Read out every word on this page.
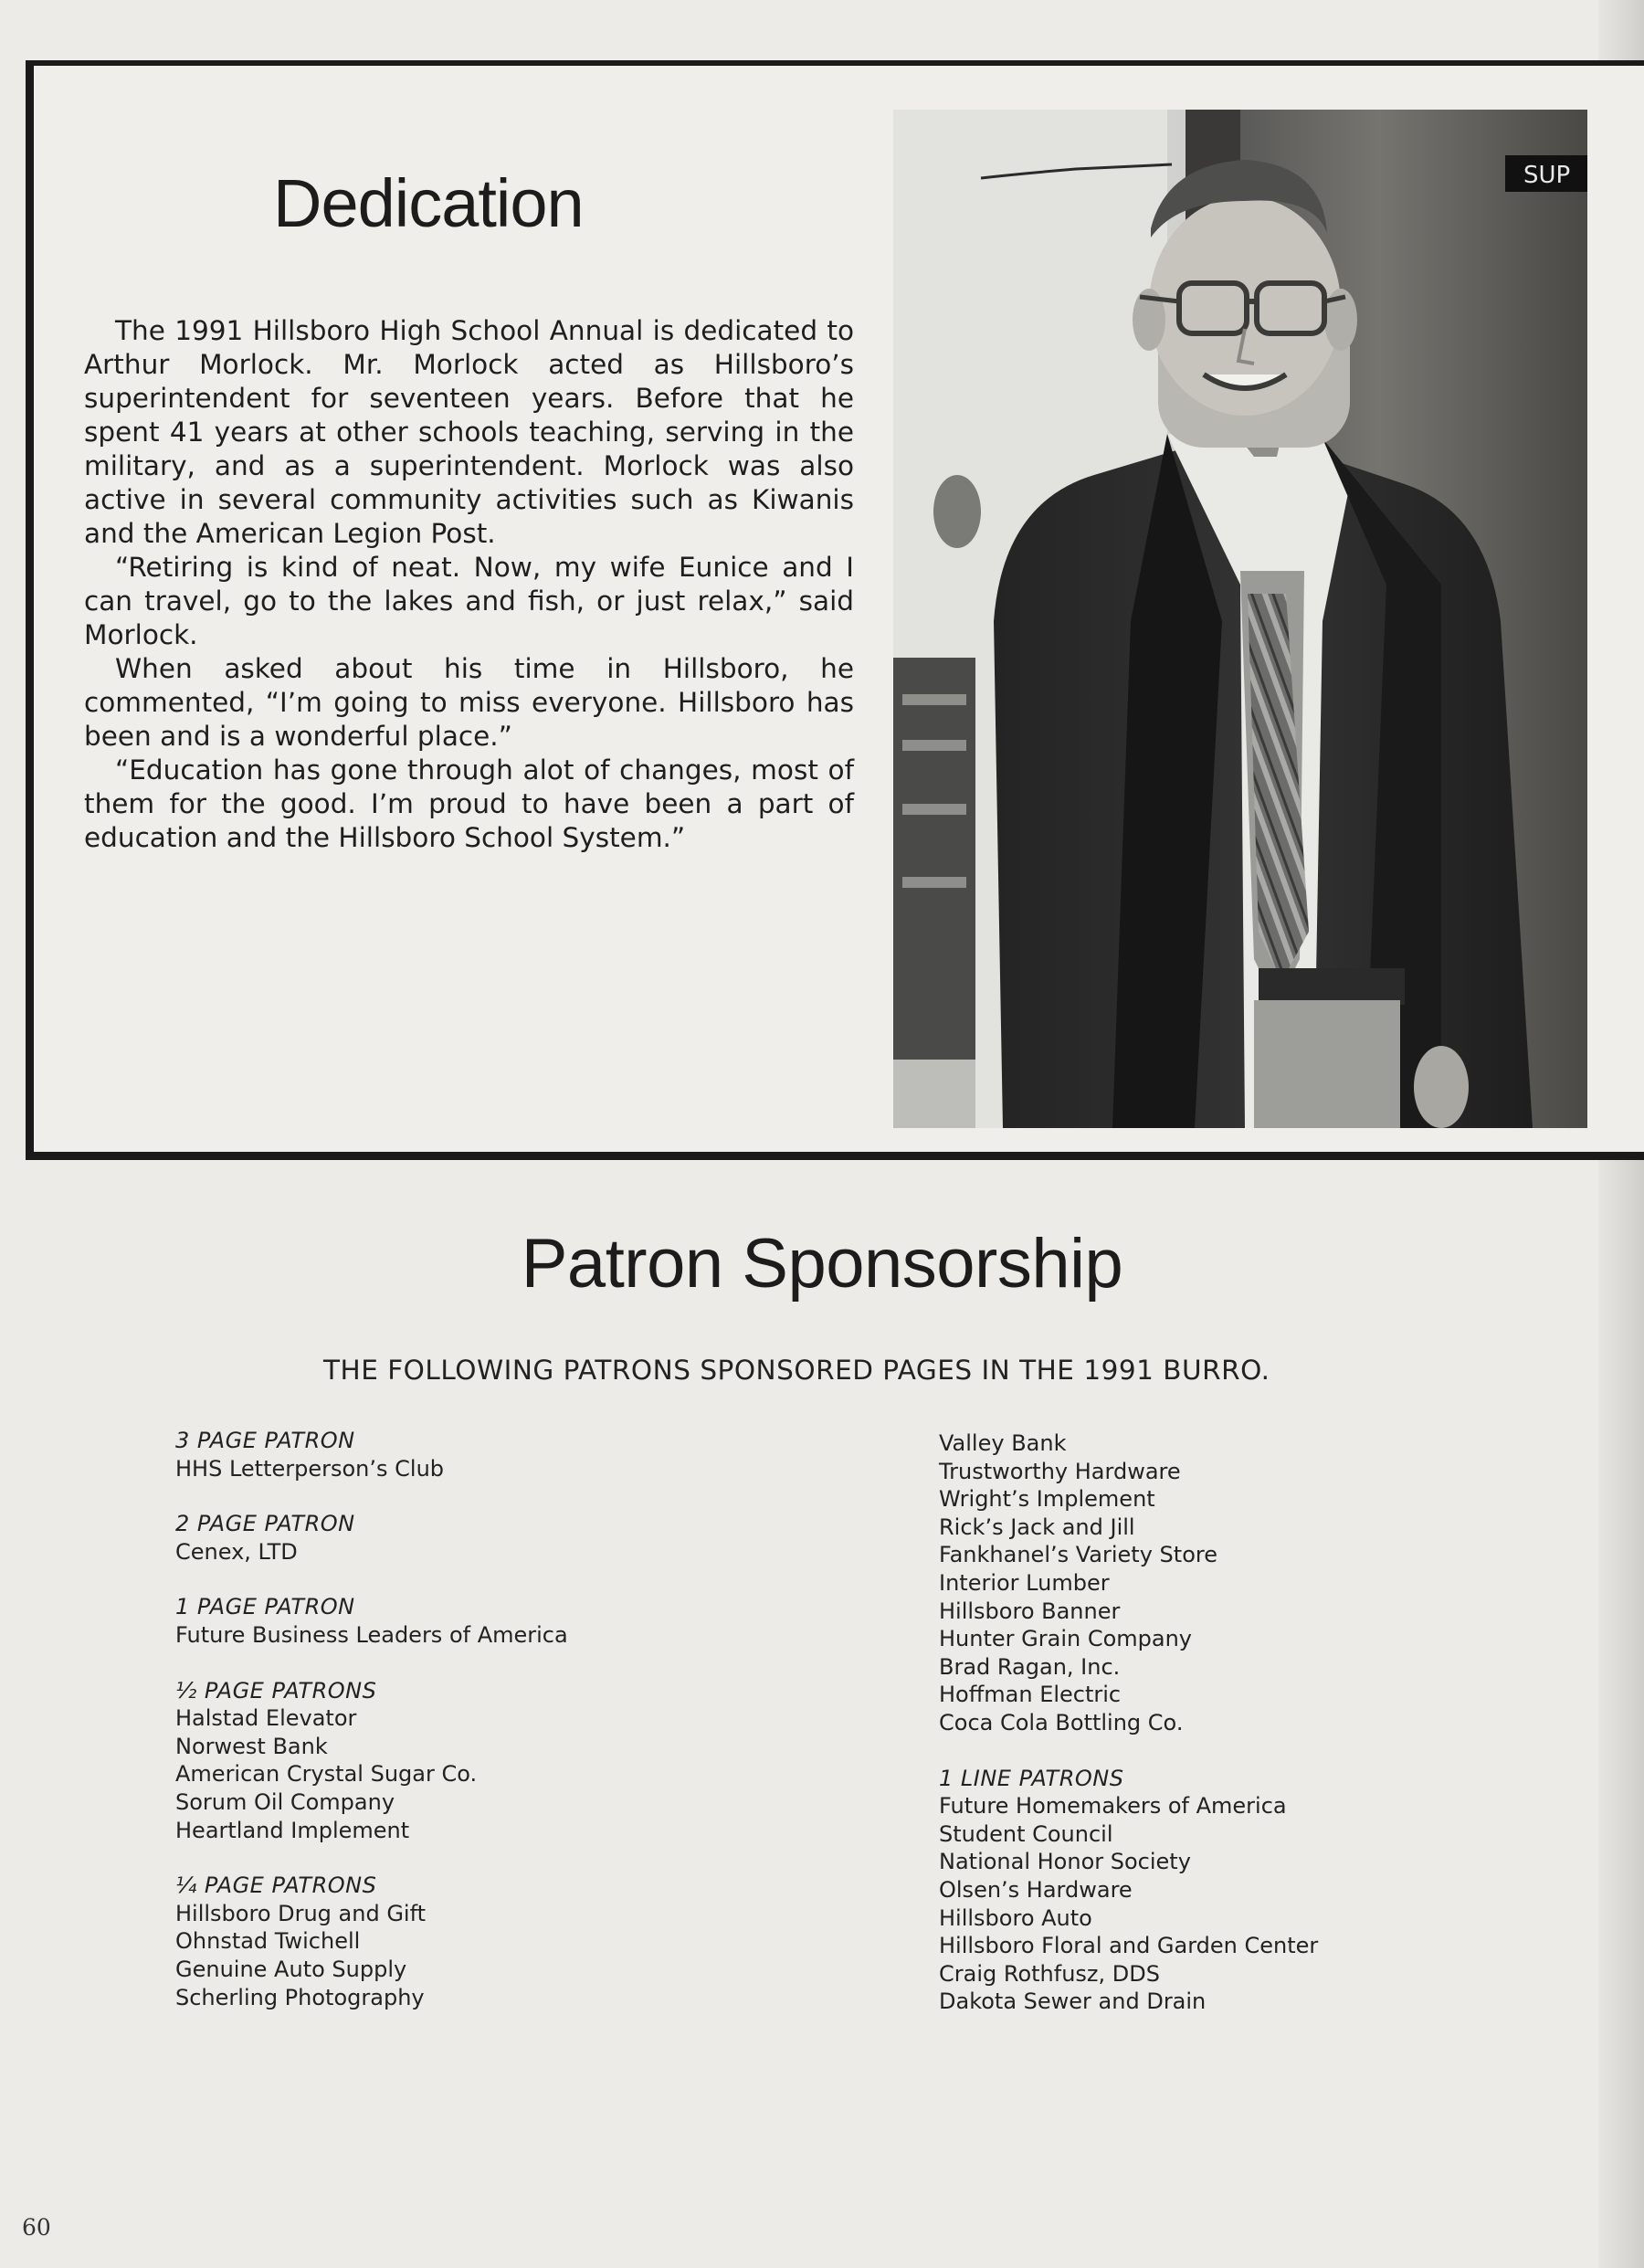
Dedication

The 1991 Hillsboro High School Annual is dedicated to Arthur Morlock. Mr. Morlock acted as Hillsboro’s superintendent for seventeen years. Before that he spent 41 years at other schools teaching, serving in the military, and as a superintendent. Morlock was also active in several community activities such as Kiwanis and the American Legion Post.

“Retiring is kind of neat. Now, my wife Eunice and I can travel, go to the lakes and fish, or just relax,” said Morlock.

When asked about his time in Hillsboro, he commented, “I’m going to miss everyone. Hillsboro has been and is a wonderful place.”

“Education has gone through alot of changes, most of them for the good. I’m proud to have been a part of education and the Hillsboro School System.”

SUP
Patron Sponsorship
THE FOLLOWING PATRONS SPONSORED PAGES IN THE 1991 BURRO.
3 PAGE PATRON
HHS Letterperson’s Club
2 PAGE PATRON
Cenex, LTD
1 PAGE PATRON
Future Business Leaders of America
½ PAGE PATRONS
Halstad Elevator
Norwest Bank
American Crystal Sugar Co.
Sorum Oil Company
Heartland Implement
¼ PAGE PATRONS
Hillsboro Drug and Gift
Ohnstad Twichell
Genuine Auto Supply
Scherling Photography
Valley Bank
Trustworthy Hardware
Wright’s Implement
Rick’s Jack and Jill
Fankhanel’s Variety Store
Interior Lumber
Hillsboro Banner
Hunter Grain Company
Brad Ragan, Inc.
Hoffman Electric
Coca Cola Bottling Co.
1 LINE PATRONS
Future Homemakers of America
Student Council
National Honor Society
Olsen’s Hardware
Hillsboro Auto
Hillsboro Floral and Garden Center
Craig Rothfusz, DDS
Dakota Sewer and Drain
60
